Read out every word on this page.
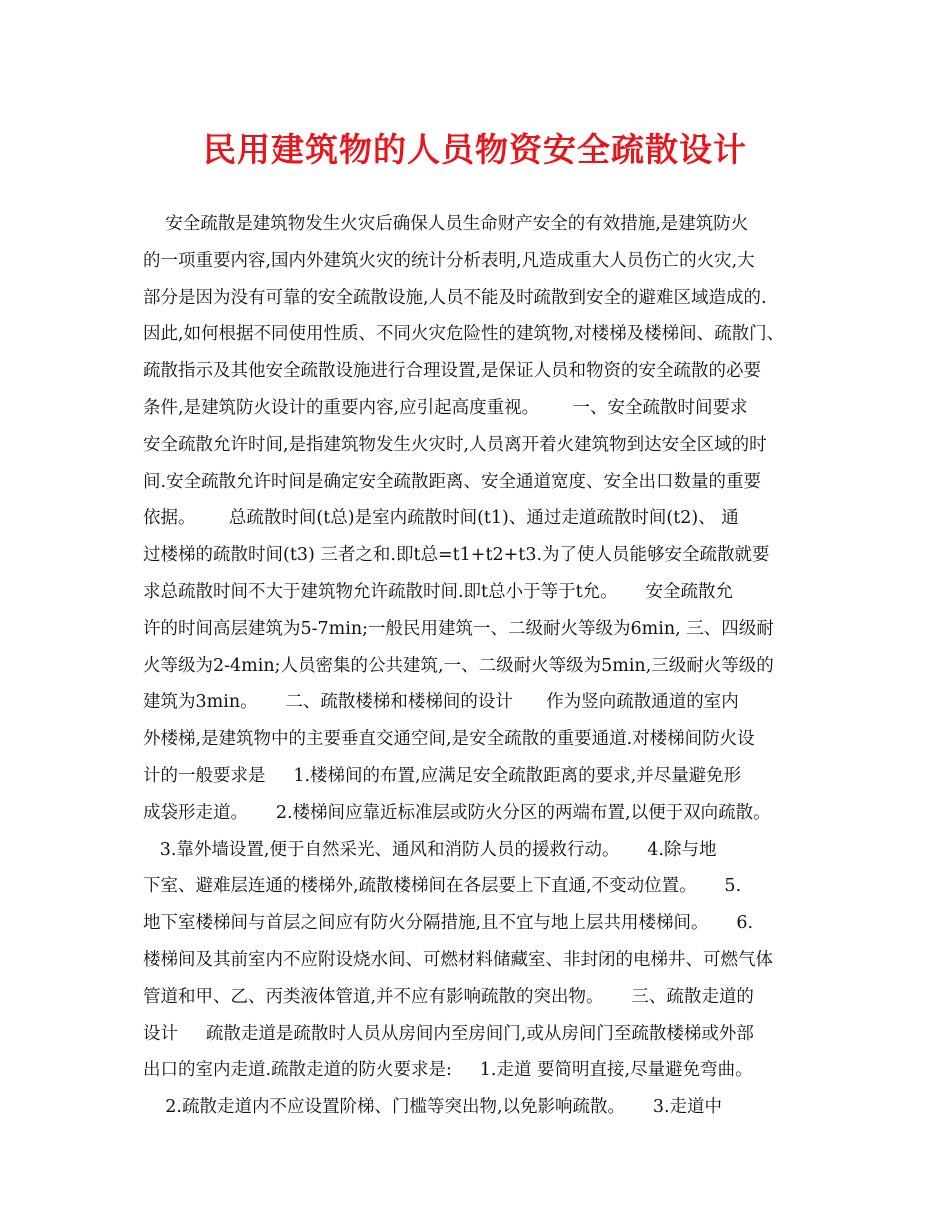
民用建筑物的人员物资安全疏散设计
安全疏散是建筑物发生火灾后确保人员生命财产安全的有效措施,是建筑防火
的一项重要内容,国内外建筑火灾的统计分析表明,凡造成重大人员伤亡的火灾,大
部分是因为没有可靠的安全疏散设施,人员不能及时疏散到安全的避难区域造成的.
因此,如何根据不同使用性质、不同火灾危险性的建筑物,对楼梯及楼梯间、疏散门、
疏散指示及其他安全疏散设施进行合理设置,是保证人员和物资的安全疏散的必要
条件,是建筑防火设计的重要内容,应引起高度重视。      一、安全疏散时间要求
安全疏散允许时间,是指建筑物发生火灾时,人员离开着火建筑物到达安全区域的时
间.安全疏散允许时间是确定安全疏散距离、安全通道宽度、安全出口数量的重要
依据。      总疏散时间(t总)是室内疏散时间(t1)、通过走道疏散时间(t2)、 通
过楼梯的疏散时间(t3) 三者之和.即t总=t1+t2+t3.为了使人员能够安全疏散就要
求总疏散时间不大于建筑物允许疏散时间.即t总小于等于t允。     安全疏散允
许的时间高层建筑为5-7min;一般民用建筑一、二级耐火等级为6min, 三、四级耐
火等级为2-4min;人员密集的公共建筑,一、二级耐火等级为5min,三级耐火等级的
建筑为3min。     二、疏散楼梯和楼梯间的设计      作为竖向疏散通道的室内
外楼梯,是建筑物中的主要垂直交通空间,是安全疏散的重要通道.对楼梯间防火设
计的一般要求是     1.楼梯间的布置,应满足安全疏散距离的要求,并尽量避免形
成袋形走道。     2.楼梯间应靠近标准层或防火分区的两端布置,以便于双向疏散。
3.靠外墙设置,便于自然采光、通风和消防人员的援救行动。     4.除与地
下室、避难层连通的楼梯外,疏散楼梯间在各层要上下直通,不变动位置。     5.
地下室楼梯间与首层之间应有防火分隔措施,且不宜与地上层共用楼梯间。     6.
楼梯间及其前室内不应附设烧水间、可燃材料储藏室、非封闭的电梯井、可燃气体
管道和甲、乙、丙类液体管道,并不应有影响疏散的突出物。     三、疏散走道的
设计     疏散走道是疏散时人员从房间内至房间门,或从房间门至疏散楼梯或外部
出口的室内走道.疏散走道的防火要求是:     1.走道 要简明直接,尽量避免弯曲。
2.疏散走道内不应设置阶梯、门槛等突出物,以免影响疏散。     3.走道中
